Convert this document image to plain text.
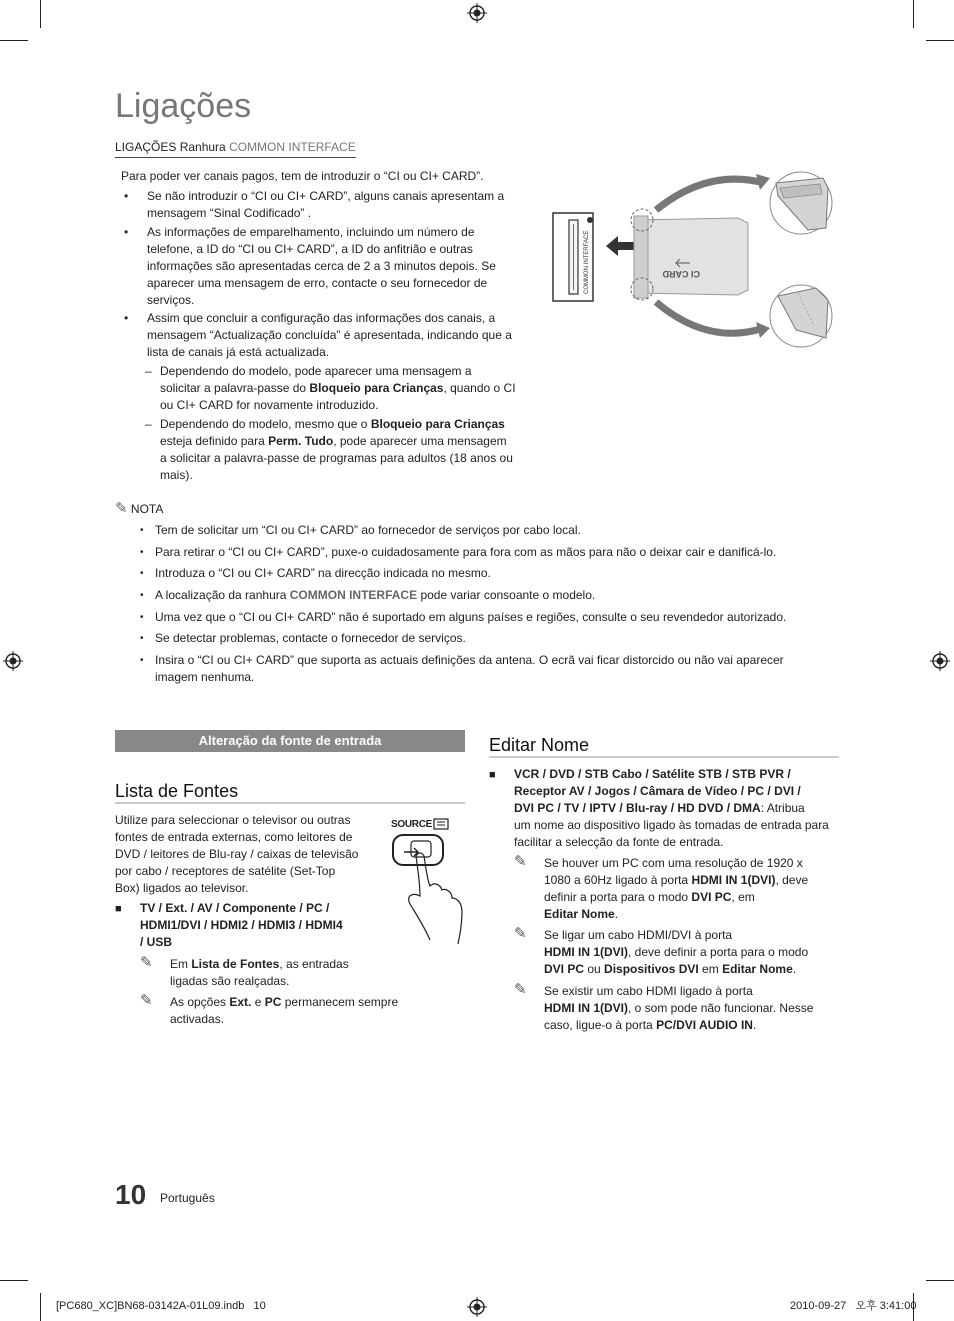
Ligações
LIGAÇÕES Ranhura COMMON INTERFACE
Para poder ver canais pagos, tem de introduzir o “CI ou CI+ CARD”.
• Se não introduzir o “CI ou CI+ CARD”, alguns canais apresentam a
mensagem “Sinal Codificado” .
• As informações de emparelhamento, incluindo um número de
telefone, a ID do “CI ou CI+ CARD”, a ID do anfitrião e outras
informações são apresentadas cerca de 2 a 3 minutos depois. Se
aparecer uma mensagem de erro, contacte o seu fornecedor de
serviços.
• Assim que concluir a configuração das informações dos canais, a
mensagem “Actualização concluída” é apresentada, indicando que a
lista de canais já está actualizada.
– Dependendo do modelo, pode aparecer uma mensagem a
solicitar a palavra-passe do Bloqueio para Crianças, quando o CI
ou CI+ CARD for novamente introduzido.
– Dependendo do modelo, mesmo que o Bloqueio para Crianças
esteja definido para Perm. Tudo, pode aparecer uma mensagem
a solicitar a palavra-passe de programas para adultos (18 anos ou
mais).
COMMON INTERFACE	CI CARD
✎ NOTA
• Tem de solicitar um “CI ou CI+ CARD” ao fornecedor de serviços por cabo local.
• Para retirar o “CI ou CI+ CARD”, puxe-o cuidadosamente para fora com as mãos para não o deixar cair e danificá-lo.
• Introduza o “CI ou CI+ CARD” na direcção indicada no mesmo.
• A localização da ranhura COMMON INTERFACE pode variar consoante o modelo.
• Uma vez que o “CI ou CI+ CARD” não é suportado em alguns países e regiões, consulte o seu revendedor autorizado.
• Se detectar problemas, contacte o fornecedor de serviços.
• Insira o “CI ou CI+ CARD” que suporta as actuais definições da antena. O ecrã vai ficar distorcido ou não vai aparecer
imagem nenhuma.
Alteração da fonte de entrada
Lista de Fontes
Utilize para seleccionar o televisor ou outras
fontes de entrada externas, como leitores de
DVD / leitores de Blu-ray / caixas de televisão
por cabo / receptores de satélite (Set-Top
Box) ligados ao televisor.
SOURCE
■ TV / Ext. / AV / Componente / PC /
HDMI1/DVI / HDMI2 / HDMI3 / HDMI4
/ USB
✎ Em Lista de Fontes, as entradas
ligadas são realçadas.
✎ As opções Ext. e PC permanecem sempre
activadas.
Editar Nome
■ VCR / DVD / STB Cabo / Satélite STB / STB PVR /
Receptor AV / Jogos / Câmara de Vídeo / PC / DVI /
DVI PC / TV / IPTV / Blu-ray / HD DVD / DMA: Atribua
um nome ao dispositivo ligado às tomadas de entrada para
facilitar a selecção da fonte de entrada.
✎ Se houver um PC com uma resolução de 1920 x
1080 a 60Hz ligado à porta HDMI IN 1(DVI), deve
definir a porta para o modo DVI PC, em
Editar Nome.
✎ Se ligar um cabo HDMI/DVI à porta
HDMI IN 1(DVI), deve definir a porta para o modo
DVI PC ou Dispositivos DVI em Editar Nome.
✎ Se existir um cabo HDMI ligado à porta
HDMI IN 1(DVI), o som pode não funcionar. Nesse
caso, ligue-o à porta PC/DVI AUDIO IN.
10 Português
[PC680_XC]BN68-03142A-01L09.indb   10	2010-09-27   오후 3:41:00
